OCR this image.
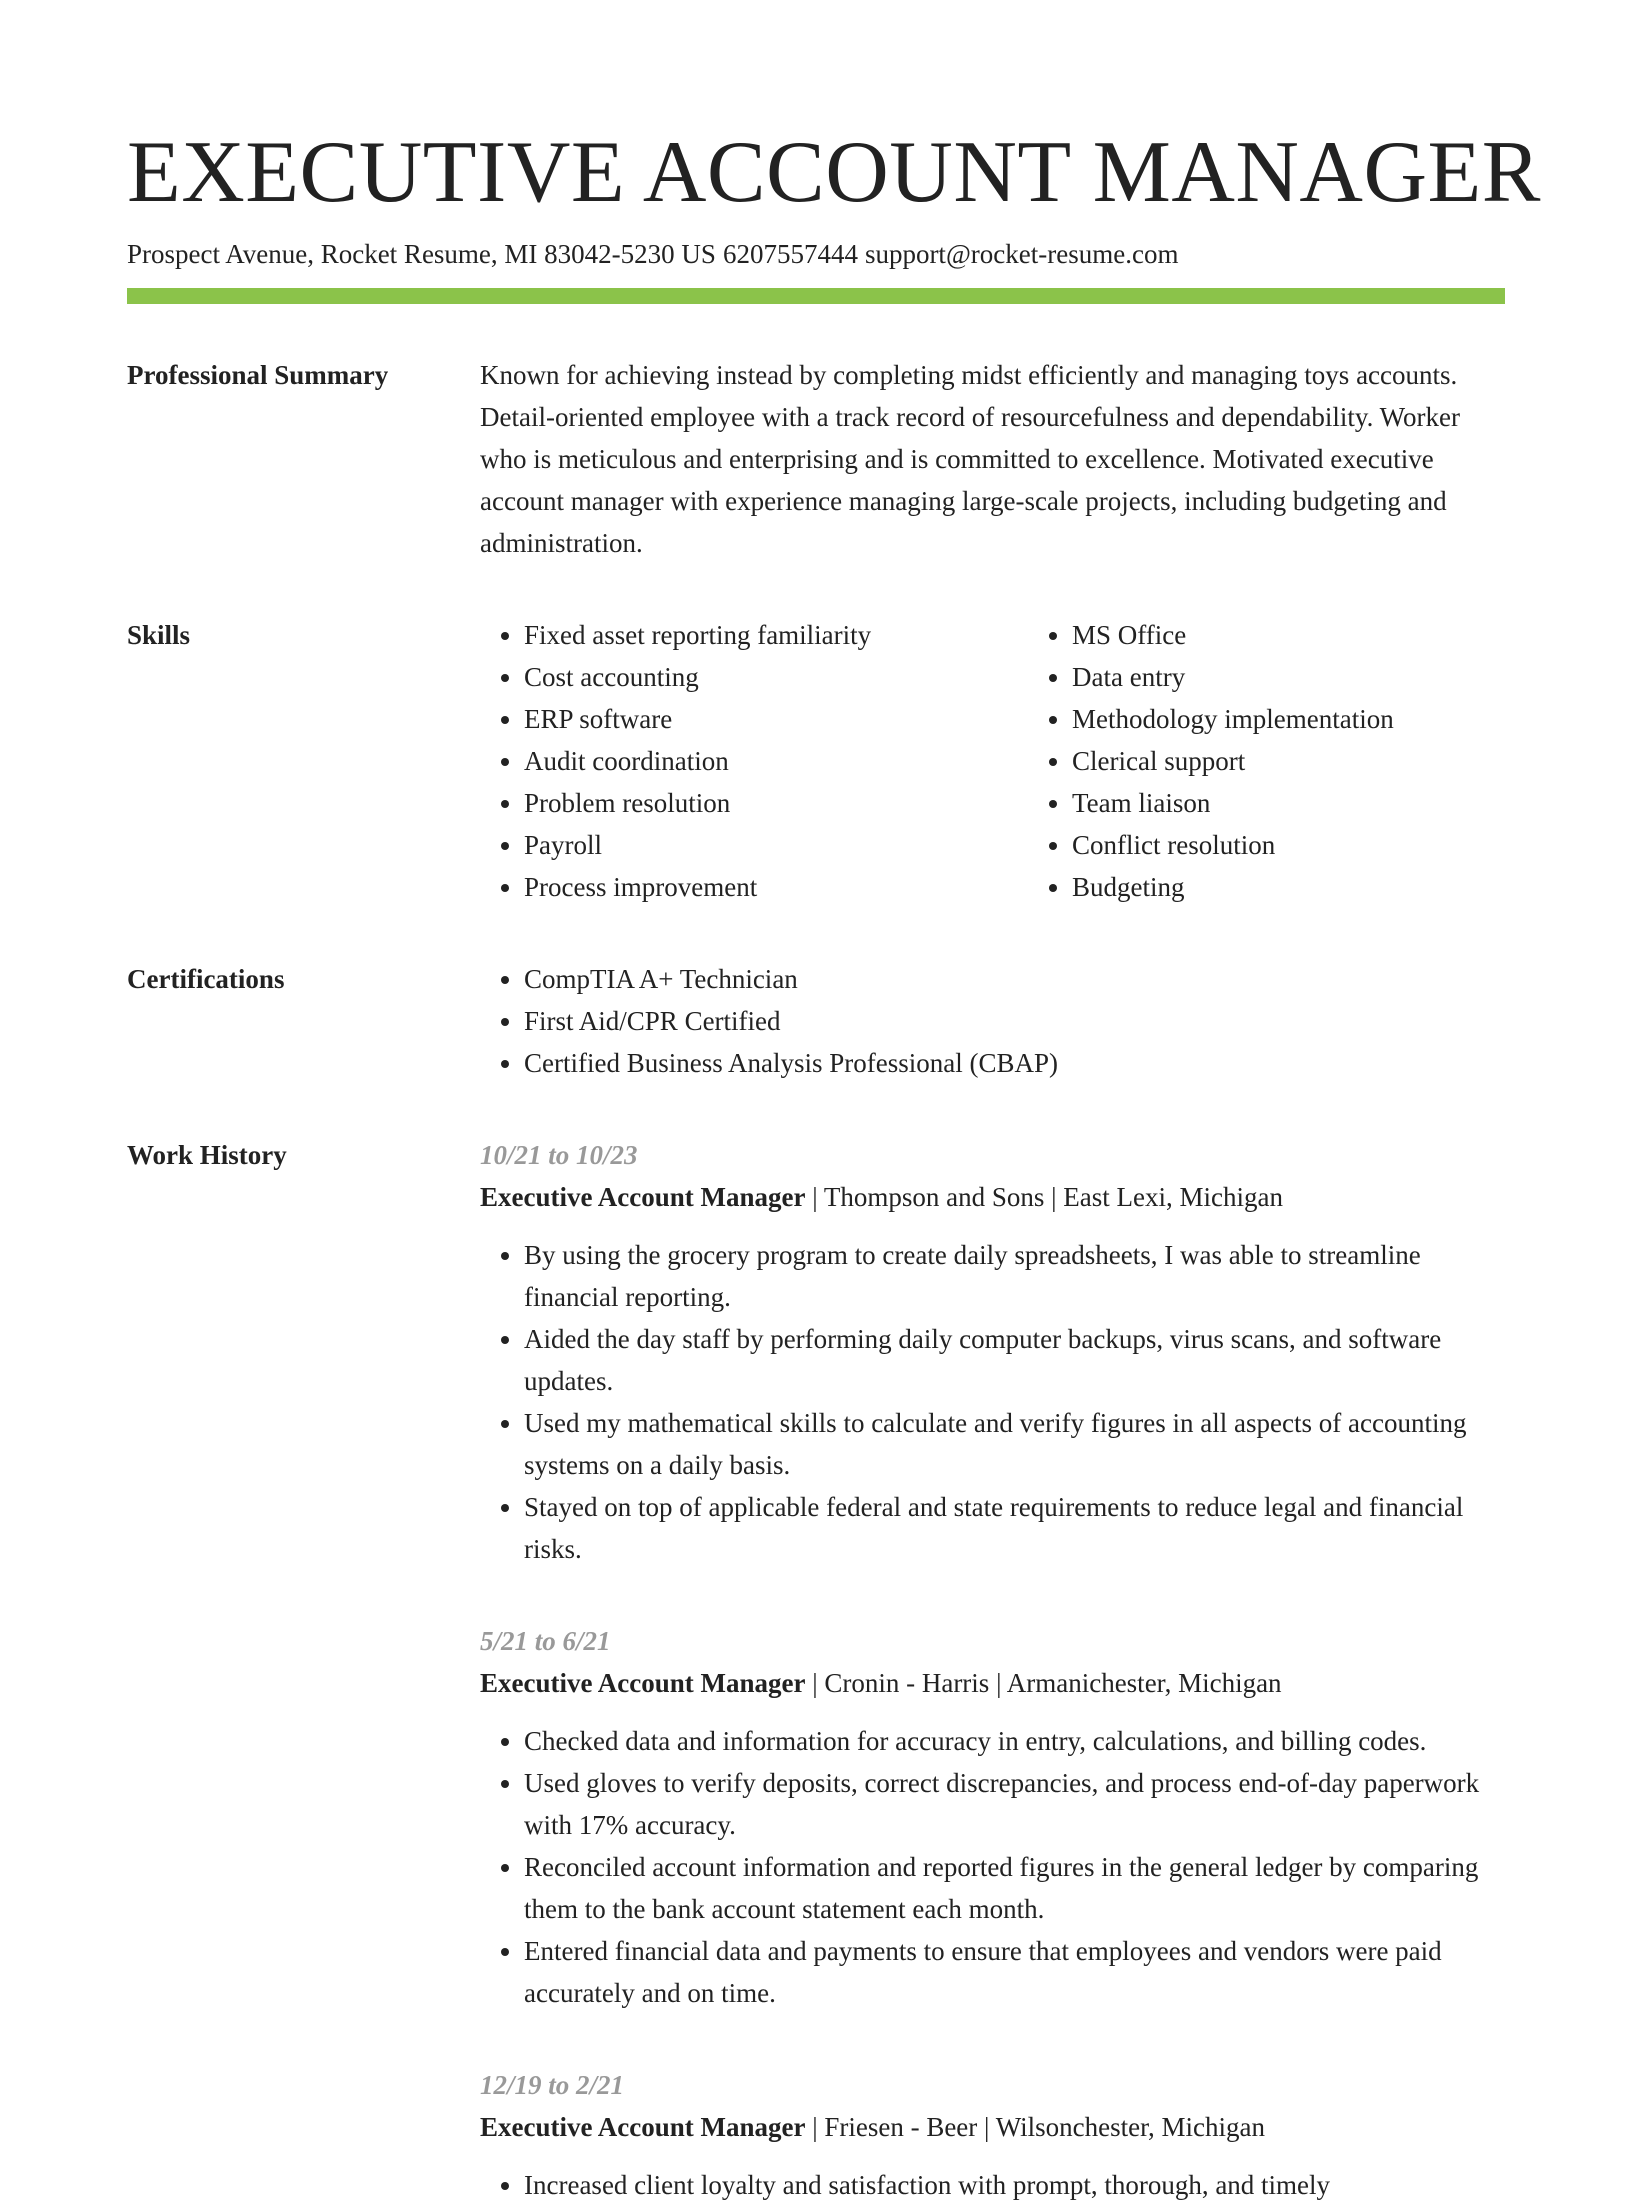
EXECUTIVE ACCOUNT MANAGER
Prospect Avenue, Rocket Resume, MI 83042-5230 US 6207557444 support@rocket-resume.com
Professional Summary	Known for achieving instead by completing midst efficiently and managing toys accounts. Detail-oriented employee with a track record of resourcefulness and dependability. Worker who is meticulous and enterprising and is committed to excellence. Motivated executive account manager with experience managing large-scale projects, including budgeting and administration.

Skills	• Fixed asset reporting familiarity
• Cost accounting
• ERP software
• Audit coordination
• Problem resolution
• Payroll
• Process improvement
• MS Office
• Data entry
• Methodology implementation
• Clerical support
• Team liaison
• Conflict resolution
• Budgeting
Certifications	• CompTIA A+ Technician
• First Aid/CPR Certified
• Certified Business Analysis Professional (CBAP)
Work History	10/21 to 10/23
Executive Account Manager | Thompson and Sons | East Lexi, Michigan
• By using the grocery program to create daily spreadsheets, I was able to streamline financial reporting.
• Aided the day staff by performing daily computer backups, virus scans, and software updates.
• Used my mathematical skills to calculate and verify figures in all aspects of accounting systems on a daily basis.
• Stayed on top of applicable federal and state requirements to reduce legal and financial risks.
5/21 to 6/21
Executive Account Manager | Cronin - Harris | Armanichester, Michigan
• Checked data and information for accuracy in entry, calculations, and billing codes.
• Used gloves to verify deposits, correct discrepancies, and process end-of-day paperwork with 17% accuracy.
• Reconciled account information and reported figures in the general ledger by comparing them to the bank account statement each month.
• Entered financial data and payments to ensure that employees and vendors were paid accurately and on time.
12/19 to 2/21
Executive Account Manager | Friesen - Beer | Wilsonchester, Michigan
• Increased client loyalty and satisfaction with prompt, thorough, and timely
